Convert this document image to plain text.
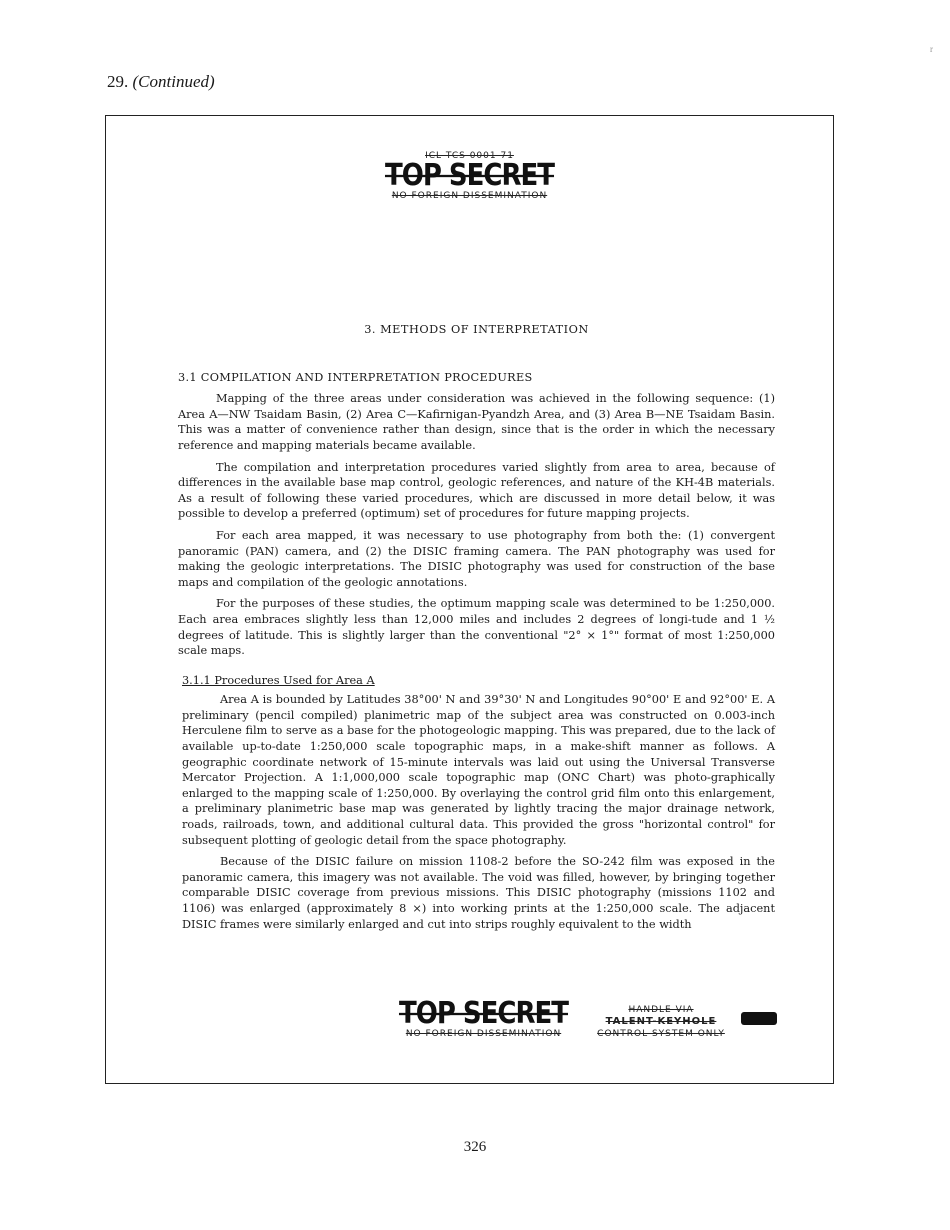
29. (Continued)
r
ICL TCS 0001 71
TOP SECRET
NO FOREIGN DISSEMINATION
3. METHODS OF INTERPRETATION
3.1 COMPILATION AND INTERPRETATION PROCEDURES

Mapping of the three areas under consideration was achieved in the following sequence: (1) Area A—NW Tsaidam Basin, (2) Area C—Kafirnigan-Pyandzh Area, and (3) Area B—NE Tsaidam Basin. This was a matter of convenience rather than design, since that is the order in which the necessary reference and mapping materials became available.

The compilation and interpretation procedures varied slightly from area to area, because of differences in the available base map control, geologic references, and nature of the KH-4B materials. As a result of following these varied procedures, which are discussed in more detail below, it was possible to develop a preferred (optimum) set of procedures for future mapping projects.

For each area mapped, it was necessary to use photography from both the: (1) convergent panoramic (PAN) camera, and (2) the DISIC framing camera. The PAN photography was used for making the geologic interpretations. The DISIC photography was used for construction of the base maps and compilation of the geologic annotations.

For the purposes of these studies, the optimum mapping scale was determined to be 1:250,000. Each area embraces slightly less than 12,000 miles and includes 2 degrees of longi-tude and 1 ½ degrees of latitude. This is slightly larger than the conventional "2° × 1°" format of most 1:250,000 scale maps.

3.1.1 Procedures Used for Area A

Area A is bounded by Latitudes 38°00' N and 39°30' N and Longitudes 90°00' E and 92°00' E. A preliminary (pencil compiled) planimetric map of the subject area was constructed on 0.003-inch Herculene film to serve as a base for the photogeologic mapping. This was prepared, due to the lack of available up-to-date 1:250,000 scale topographic maps, in a make-shift manner as follows. A geographic coordinate network of 15-minute intervals was laid out using the Universal Transverse Mercator Projection. A 1:1,000,000 scale topographic map (ONC Chart) was photo-graphically enlarged to the mapping scale of 1:250,000. By overlaying the control grid film onto this enlargement, a preliminary planimetric base map was generated by lightly tracing the major drainage network, roads, railroads, town, and additional cultural data. This provided the gross "horizontal control" for subsequent plotting of geologic detail from the space photography.

Because of the DISIC failure on mission 1108-2 before the SO-242 film was exposed in the panoramic camera, this imagery was not available. The void was filled, however, by bringing together comparable DISIC coverage from previous missions. This DISIC photography (missions 1102 and 1106) was enlarged (approximately 8 ×) into working prints at the 1:250,000 scale. The adjacent DISIC frames were similarly enlarged and cut into strips roughly equivalent to the width

TOP SECRET
NO FOREIGN DISSEMINATION
HANDLE VIA
TALENT-KEYHOLE
CONTROL SYSTEM ONLY
326
